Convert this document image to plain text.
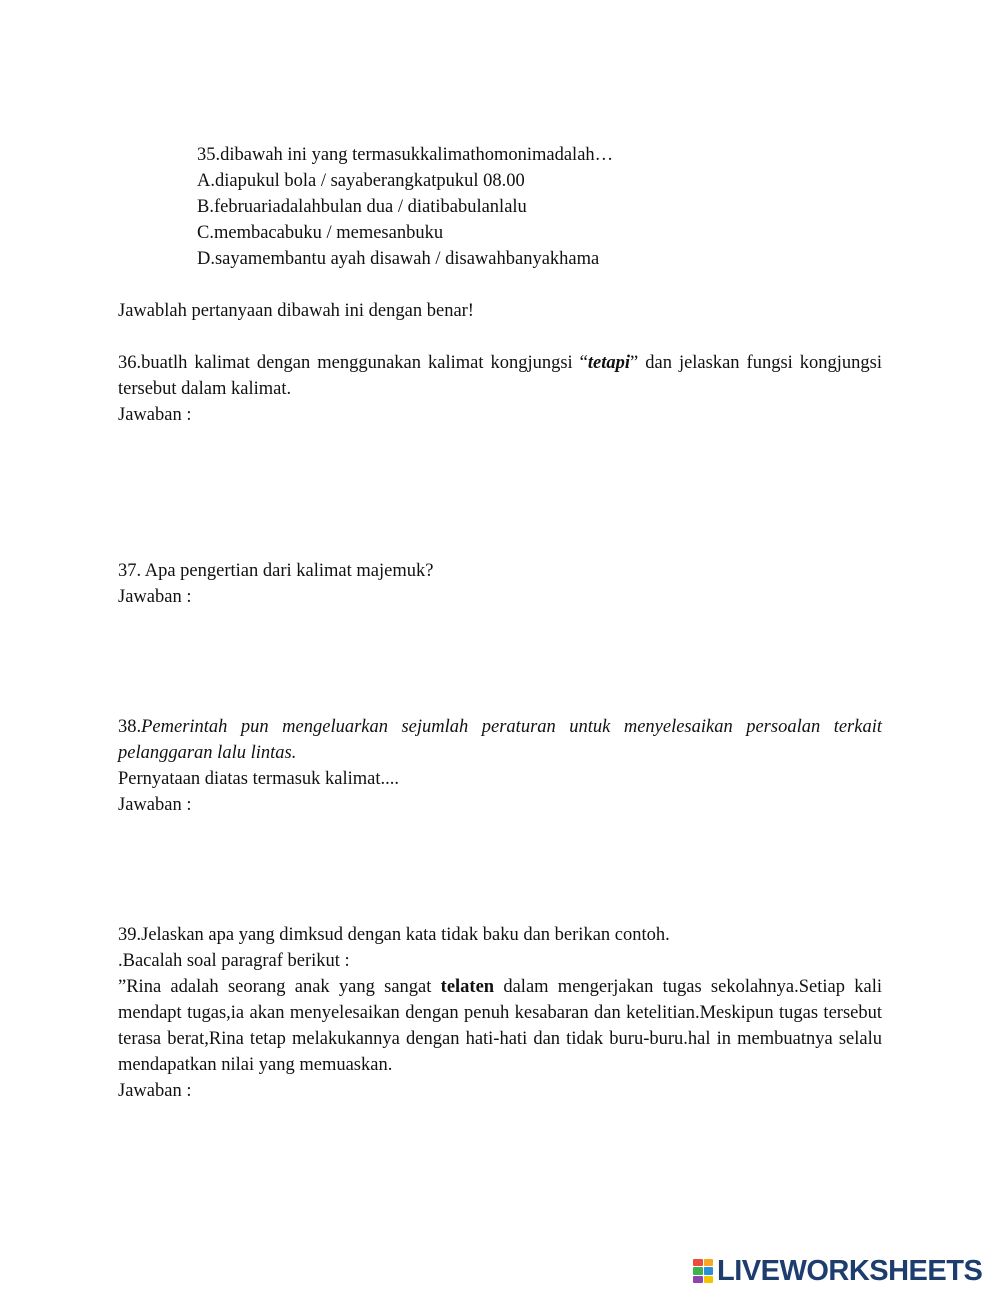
35.dibawah ini yang termasukkalimathomonimadalah…
A.diapukul bola / sayaberangkatpukul 08.00
B.februariadalahbulan dua / diatibabulanlalu
C.membacabuku / memesanbuku
D.sayamembantu ayah disawah / disawahbanyakhama
Jawablah pertanyaan dibawah ini dengan benar!
36.buatlh kalimat dengan menggunakan kalimat kongjungsi “tetapi” dan jelaskan fungsi kongjungsi tersebut dalam kalimat.
Jawaban :
37. Apa pengertian dari kalimat majemuk?
Jawaban :
38.Pemerintah pun mengeluarkan sejumlah peraturan untuk menyelesaikan persoalan terkait pelanggaran lalu lintas.
Pernyataan diatas termasuk kalimat....
Jawaban :
39.Jelaskan apa yang dimksud dengan kata tidak baku dan berikan contoh.
.Bacalah soal paragraf berikut :
”Rina adalah seorang anak yang sangat telaten dalam mengerjakan tugas sekolahnya.Setiap kali mendapt tugas,ia akan menyelesaikan dengan penuh kesabaran dan ketelitian.Meskipun tugas tersebut terasa berat,Rina tetap melakukannya dengan hati-hati dan tidak buru-buru.hal in membuatnya selalu mendapatkan nilai yang memuaskan.
Jawaban :
LIVEWORKSHEETS
